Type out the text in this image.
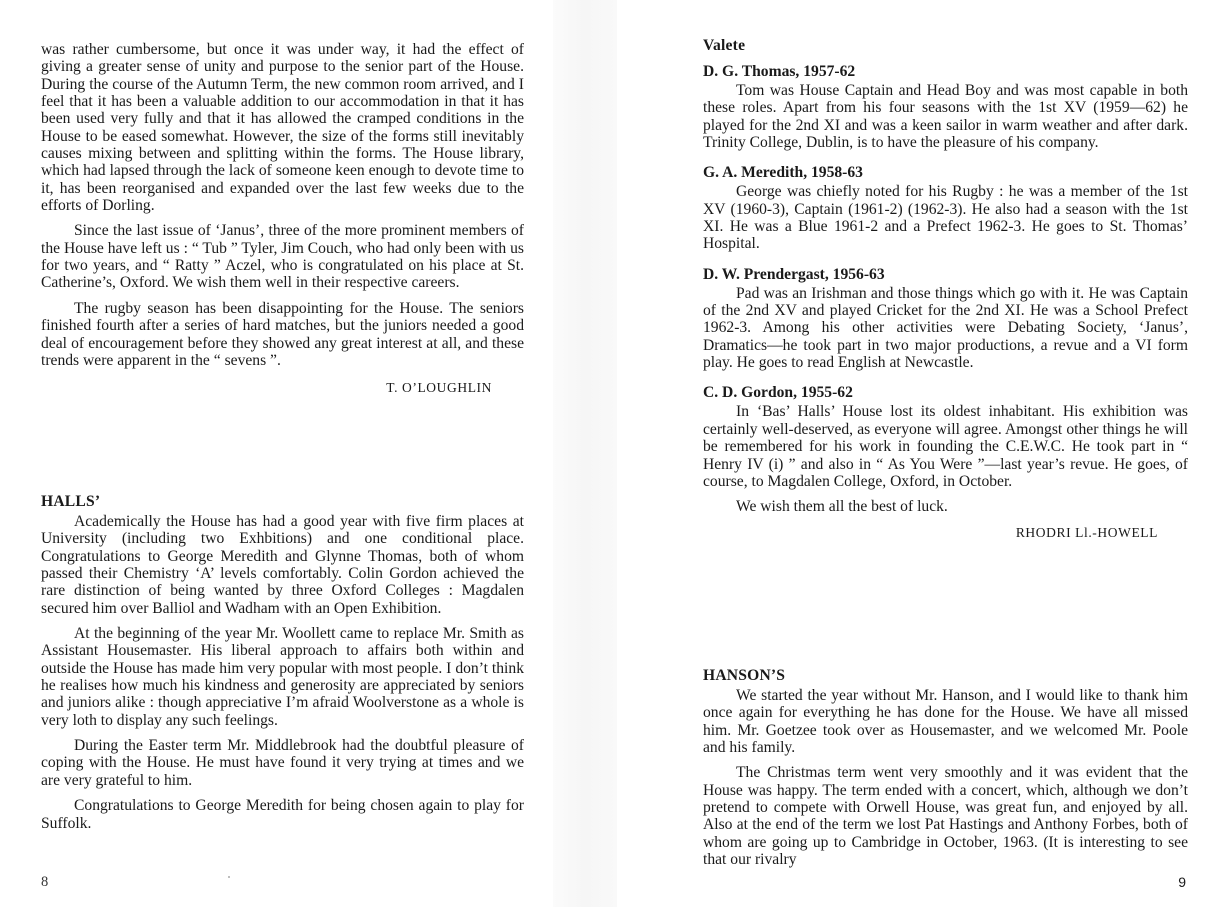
was rather cumbersome, but once it was under way, it had the effect of giving a greater sense of unity and purpose to the senior part of the House. During the course of the Autumn Term, the new common room arrived, and I feel that it has been a valuable addition to our accommodation in that it has been used very fully and that it has allowed the cramped conditions in the House to be eased somewhat. However, the size of the forms still inevitably causes mixing between and splitting within the forms. The House library, which had lapsed through the lack of someone keen enough to devote time to it, has been reorganised and expanded over the last few weeks due to the efforts of Dorling.

Since the last issue of ‘Janus’, three of the more prominent members of the House have left us : “ Tub ” Tyler, Jim Couch, who had only been with us for two years, and “ Ratty ” Aczel, who is congratulated on his place at St. Catherine’s, Oxford. We wish them well in their respective careers.

The rugby season has been disappointing for the House. The seniors finished fourth after a series of hard matches, but the juniors needed a good deal of encouragement before they showed any great interest at all, and these trends were apparent in the “ sevens ”.

T. O’LOUGHLIN
HALLS’

Academically the House has had a good year with five firm places at University (including two Exhbitions) and one conditional place. Congratulations to George Meredith and Glynne Thomas, both of whom passed their Chemistry ‘A’ levels comfortably. Colin Gordon achieved the rare distinction of being wanted by three Oxford Colleges : Magdalen secured him over Balliol and Wadham with an Open Exhibition.

At the beginning of the year Mr. Woollett came to replace Mr. Smith as Assistant Housemaster. His liberal approach to affairs both within and outside the House has made him very popular with most people. I don’t think he realises how much his kindness and generosity are appreciated by seniors and juniors alike : though appreciative I’m afraid Woolverstone as a whole is very loth to display any such feelings.

During the Easter term Mr. Middlebrook had the doubtful pleasure of coping with the House. He must have found it very trying at times and we are very grateful to him.

Congratulations to George Meredith for being chosen again to play for Suffolk.

8
Valete
D. G. Thomas, 1957-62

Tom was House Captain and Head Boy and was most capable in both these roles. Apart from his four seasons with the 1st XV (1959—62) he played for the 2nd XI and was a keen sailor in warm weather and after dark. Trinity College, Dublin, is to have the pleasure of his company.

G. A. Meredith, 1958-63

George was chiefly noted for his Rugby : he was a member of the 1st XV (1960-3), Captain (1961-2) (1962-3). He also had a season with the 1st XI. He was a Blue 1961-2 and a Prefect 1962-3. He goes to St. Thomas’ Hospital.

D. W. Prendergast, 1956-63

Pad was an Irishman and those things which go with it. He was Captain of the 2nd XV and played Cricket for the 2nd XI. He was a School Prefect 1962-3. Among his other activities were Debating Society, ‘Janus’, Dramatics—he took part in two major productions, a revue and a VI form play. He goes to read English at Newcastle.

C. D. Gordon, 1955-62

In ‘Bas’ Halls’ House lost its oldest inhabitant. His exhibition was certainly well-deserved, as everyone will agree. Amongst other things he will be remembered for his work in founding the C.E.W.C. He took part in “ Henry IV (i) ” and also in “ As You Were ”—last year’s revue. He goes, of course, to Magdalen College, Oxford, in October.

We wish them all the best of luck.

RHODRI Ll.-HOWELL
HANSON’S

We started the year without Mr. Hanson, and I would like to thank him once again for everything he has done for the House. We have all missed him. Mr. Goetzee took over as Housemaster, and we welcomed Mr. Poole and his family.

The Christmas term went very smoothly and it was evident that the House was happy. The term ended with a concert, which, although we don’t pretend to compete with Orwell House, was great fun, and enjoyed by all. Also at the end of the term we lost Pat Hastings and Anthony Forbes, both of whom are going up to Cambridge in October, 1963. (It is interesting to see that our rivalry

9
